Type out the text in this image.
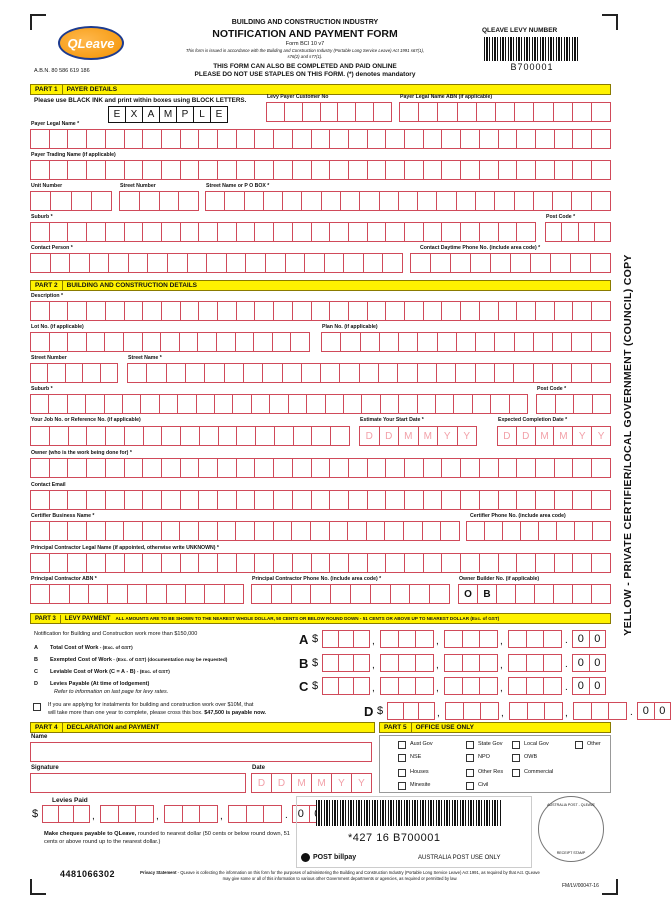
QLeave
A.B.N. 80 586 619 186
BUILDING AND CONSTRUCTION INDUSTRY
NOTIFICATION AND PAYMENT FORM
Form BCI 10 v7
This form is issued in accordance with the Building and Construction Industry (Portable Long Service Leave) Act 1991 s67(1),
s76(2) and s77(1).
THIS FORM CAN ALSO BE COMPLETED AND PAID ONLINE
PLEASE DO NOT USE STAPLES ON THIS FORM. (*) denotes mandatory
QLEAVE LEVY NUMBER
B700001
PART 1 PAYER DETAILS
Please use BLACK INK and print within boxes using BLOCK LETTERS.
E	X	A M P	L	E
Levy Payer Customer No	Payer Legal Name ABN (if applicable)
Payer Legal Name *
Payer Trading Name (if applicable)
Unit Number	Street Number	Street Name or P O BOX *
Suburb *	Post Code *
Contact Person *	Contact Daytime Phone No. (include area code) *
PART 2 BUILDING AND CONSTRUCTION DETAILS
Description *
Lot No. (if applicable)	Plan No. (if applicable)
Street Number	Street Name *
Suburb *	Post Code *
Your Job No. or Reference No. (if applicable)	Estimate Your Start Date *	Expected Completion Date *
D	D	M	M	Y	Y	D	D	M	M	Y	Y
Owner (who is the work being done for) *
Contact Email
Certifier Business Name *	Certifier Phone No. (include area code)
Principal Contractor Legal Name (if appointed, otherwise write UNKNOWN) *
Principal Contractor ABN *	Principal Contractor Phone No. (include area code) *	Owner Builder No. (if applicable)
O	B
PART 3 LEVY PAYMENT ALL AMOUNTS ARE TO BE SHOWN TO THE NEAREST WHOLE DOLLAR, 50 CENTS OR BELOW ROUND DOWN - 51 CENTS OR ABOVE UP TO NEAREST DOLLAR (Exc. of GST)
Notification for Building and Construction work more than $150,000
A Total Cost of Work - (Exc. of GST)
B Exempted Cost of Work - (Exc. of GST) (documentation may be requested)
C Leviable Cost of Work (C = A - B) - (Exc. of GST)
D Levies Payable (At time of lodgement)
Refer to information on last page for levy rates.
A $	,	,	,	. 0 0
B $	,	,	,	. 0 0
C $	,	,	,	. 0 0
D $	,	,	,	. 0 0
If you are applying for instalments for building and construction work over $10M, that
will take more than one year to complete, please cross this box. $47,500 is payable now.
PART 4 DECLARATION and PAYMENT
Name
Signature	Date
D	D	M	M	Y	Y
Levies Paid
$	,	,	,	. 0
Make cheques payable to QLeave, rounded to nearest dollar (50 cents or below round down, 51 cents or above round up to the nearest dollar.)
4481066302
PART 5 OFFICE USE ONLY
Aust Gov	State Gov	Local Gov	Other
NSE	NPO	OWB
Houses	Other Res	Commercial
Minesite	Civil
*427 16 B700001
POST billpay	AUSTRALIA POST USE ONLY
AUSTRALIA POST - QLEAVE
RECEIPT STAMP
Privacy Statement - QLeave is collecting the information on this form for the purposes of administering the Building and Construction Industry (Portable Long Service Leave) Act 1991, as required by that Act. QLeave may give some or all of this information to various other Government departments or agencies, as required or permitted by law.
FM/LV/00047-16
YELLOW - PRIVATE CERTIFIER/LOCAL GOVERNMENT (COUNCIL) COPY
